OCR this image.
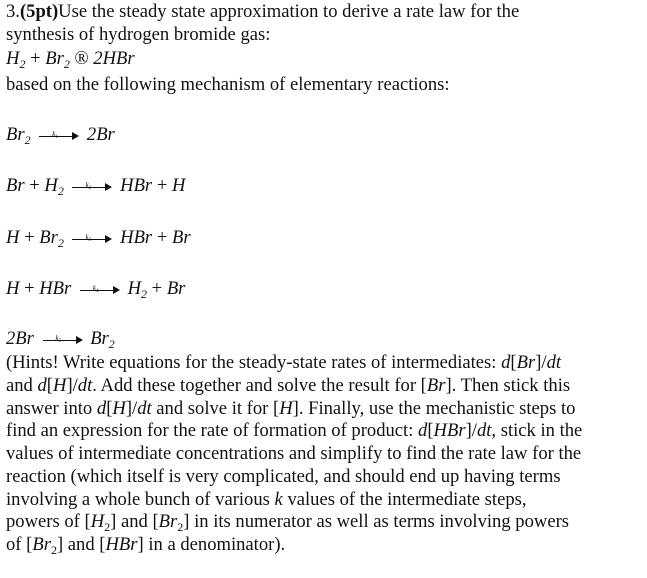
3.(5pt)Use the steady state approximation to derive a rate law for the
synthesis of hydrogen bromide gas:
$H_2 + Br_2$ ® 2HBr
based on the following mechanism of elementary reactions:
$Br_2$	$k_1$ 2Br
$Br + H_2$	$k_2$ HBr + H
$H + Br_2$	$k_3$ HBr + Br
H + HBr	$k_4$ $H_2 + Br$
2Br	$k_5$ $Br_2$

(Hints! Write equations for the steady-state rates of intermediates: d[Br]/dt

and d[H]/dt. Add these together and solve the result for [Br]. Then stick this

answer into d[H]/dt and solve it for [H]. Finally, use the mechanistic steps to

find an expression for the rate of formation of product: d[HBr]/dt, stick in the

values of intermediate concentrations and simplify to find the rate law for the

reaction (which itself is very complicated, and should end up having terms

involving a whole bunch of various k values of the intermediate steps,

powers of $[H_2]$ and $[Br_2]$ in its numerator as well as terms involving powers

of $[Br_2]$ and [HBr] in a denominator).
